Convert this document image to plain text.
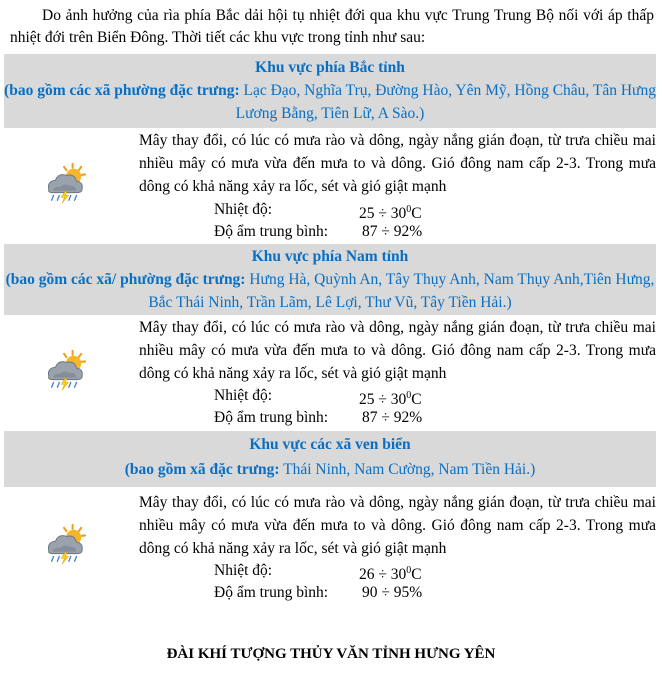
Do ảnh hưởng của rìa phía Bắc dải hội tụ nhiệt đới qua khu vực Trung Trung Bộ nối với áp thấp nhiệt đới trên Biển Đông. Thời tiết các khu vực trong tỉnh như sau:
Khu vực phía Bắc tỉnh
(bao gồm các xã phường đặc trưng: Lạc Đạo, Nghĩa Trụ, Đường Hào, Yên Mỹ, Hồng Châu, Tân Hưng Lương Bằng, Tiên Lữ, A Sào.)
Mây thay đổi, có lúc có mưa rào và dông, ngày nắng gián đoạn, từ trưa chiều mai nhiều mây có mưa vừa đến mưa to và dông. Gió đông nam cấp 2-3. Trong mưa dông có khả năng xảy ra lốc, sét và gió giật mạnh
Nhiệt độ:	$25 \div 30^0C$
Độ ẩm trung bình: 87 ÷ 92%
Khu vực phía Nam tỉnh
(bao gồm các xã/ phường đặc trưng: Hưng Hà, Quỳnh An, Tây Thụy Anh, Nam Thụy Anh,Tiên Hưng, Bắc Thái Ninh, Trần Lãm, Lê Lợi, Thư Vũ, Tây Tiền Hải.)
Mây thay đổi, có lúc có mưa rào và dông, ngày nắng gián đoạn, từ trưa chiều mai nhiều mây có mưa vừa đến mưa to và dông. Gió đông nam cấp 2-3. Trong mưa dông có khả năng xảy ra lốc, sét và gió giật mạnh
Nhiệt độ:	$25 \div 30^0C$
Độ ẩm trung bình: 87 ÷ 92%
Khu vực các xã ven biển
(bao gồm xã đặc trưng: Thái Ninh, Nam Cường, Nam Tiền Hải.)
Mây thay đổi, có lúc có mưa rào và dông, ngày nắng gián đoạn, từ trưa chiều mai nhiều mây có mưa vừa đến mưa to và dông. Gió đông nam cấp 2-3. Trong mưa dông có khả năng xảy ra lốc, sét và gió giật mạnh
Nhiệt độ:	$26 \div 30^0C$
Độ ẩm trung bình: 90 ÷ 95%
ĐÀI KHÍ TƯỢNG THỦY VĂN TỈNH HƯNG YÊN
